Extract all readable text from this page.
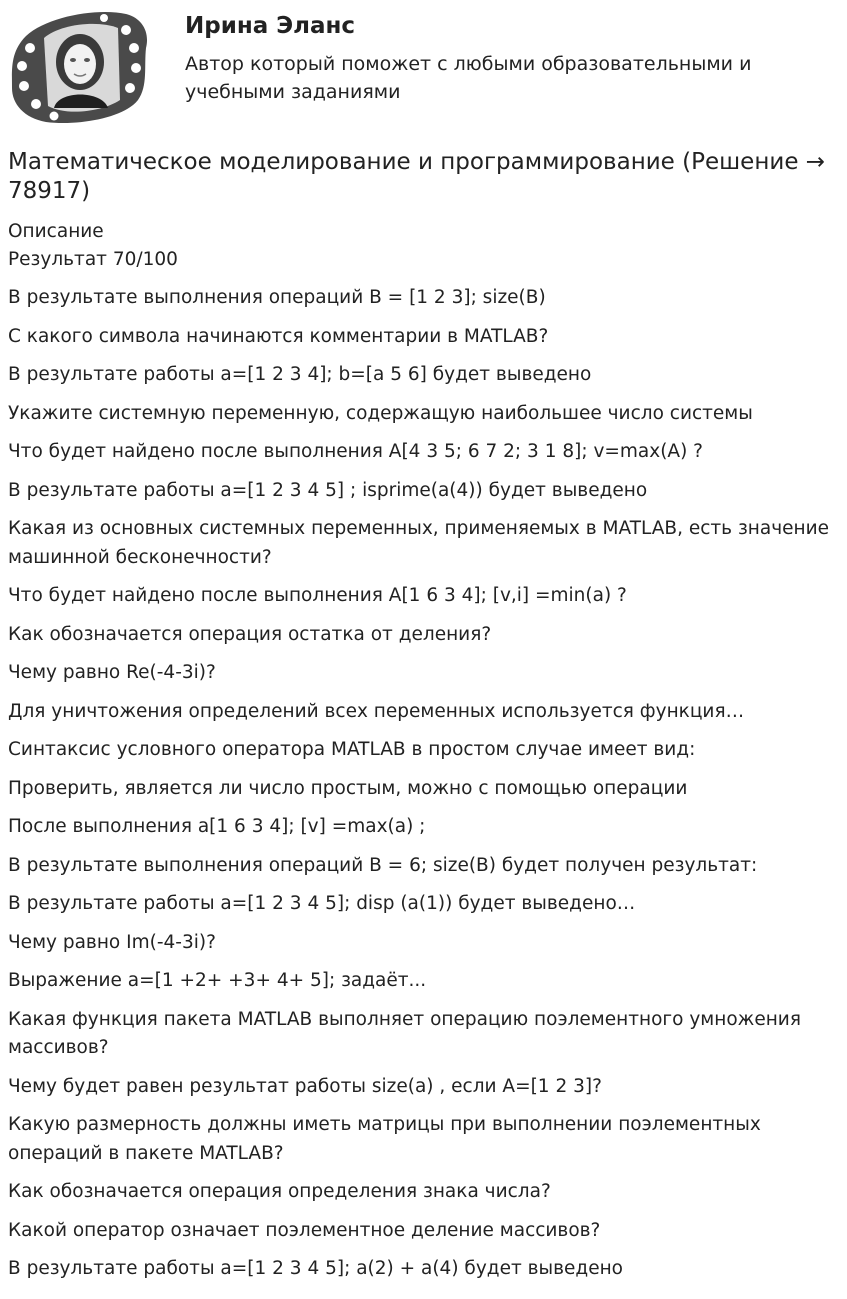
Ирина Эланс

Автор который поможет с любыми образовательными и учебными заданиями

Математическое моделирование и программирование (Решение → 78917)
Описание
Результат 70/100
В результате выполнения операций B = [1 2 3]; size(B)
С какого символа начинаются комментарии в MATLAB?
В результате работы a=[1 2 3 4]; b=[a 5 6] будет выведено
Укажите системную переменную, содержащую наибольшее число системы
Что будет найдено после выполнения A[4 3 5; 6 7 2; 3 1 8]; v=max(A) ?
В результате работы a=[1 2 3 4 5] ; isprime(a(4)) будет выведено
Какая из основных системных переменных, применяемых в MATLAB, есть значение машинной бесконечности?
Что будет найдено после выполнения A[1 6 3 4]; [v,i] =min(a) ?
Как обозначается операция остатка от деления?
Чему равно Re(-4-3i)?
Для уничтожения определений всех переменных используется функция…
Синтаксис условного оператора MATLAB в простом случае имеет вид:
Проверить, является ли число простым, можно с помощью операции
После выполнения a[1 6 3 4]; [v] =max(a) ;
В результате выполнения операций B = 6; size(B) будет получен результат:
В результате работы a=[1 2 3 4 5]; disp (a(1)) будет выведено…
Чему равно Im(-4-3i)?
Выражение a=[1 +2+ +3+ 4+ 5]; задаёт...
Какая функция пакета MATLAB выполняет операцию поэлементного умножения массивов?
Чему будет равен результат работы size(a) , если A=[1 2 3]?
Какую размерность должны иметь матрицы при выполнении поэлементных операций в пакете MATLAB?
Как обозначается операция определения знака числа?
Какой оператор означает поэлементное деление массивов?
В результате работы a=[1 2 3 4 5]; a(2) + a(4) будет выведено
